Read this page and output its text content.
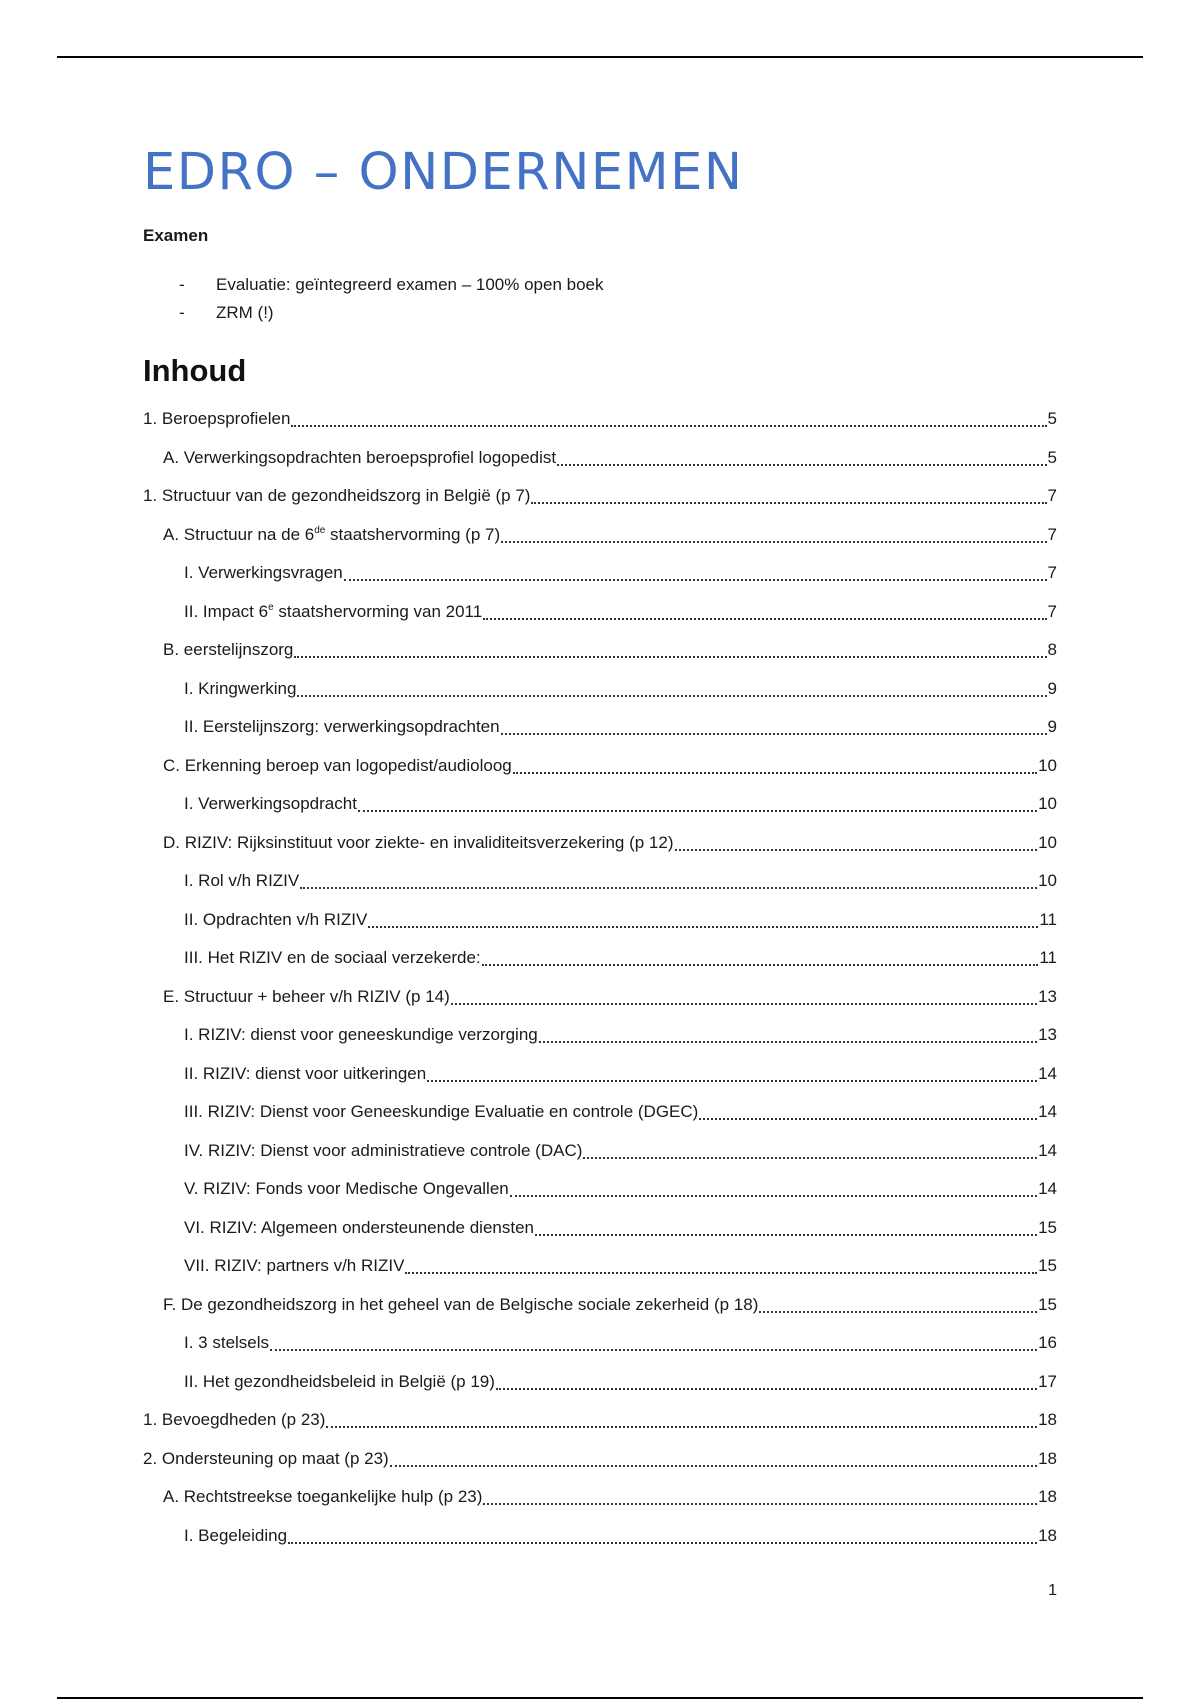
EDRO – ONDERNEMEN
Examen
- Evaluatie: geïntegreerd examen – 100% open boek
- ZRM (!)
Inhoud
1. Beroepsprofielen	5
A. Verwerkingsopdrachten beroepsprofiel logopedist	5
1. Structuur van de gezondheidszorg in België (p 7)	7
A. Structuur na de 6de staatshervorming (p 7)	7
I. Verwerkingsvragen	7
II. Impact 6e staatshervorming van 2011	7
B. eerstelijnszorg	8
I. Kringwerking	9
II. Eerstelijnszorg: verwerkingsopdrachten	9
C. Erkenning beroep van logopedist/audioloog	10
I. Verwerkingsopdracht	10
D. RIZIV: Rijksinstituut voor ziekte- en invaliditeitsverzekering (p 12)	10
I. Rol v/h RIZIV	10
II. Opdrachten v/h RIZIV	11
III. Het RIZIV en de sociaal verzekerde:	11
E. Structuur + beheer v/h RIZIV (p 14)	13
I. RIZIV: dienst voor geneeskundige verzorging	13
II. RIZIV: dienst voor uitkeringen	14
III. RIZIV: Dienst voor Geneeskundige Evaluatie en controle (DGEC)	14
IV. RIZIV: Dienst voor administratieve controle (DAC)	14
V. RIZIV: Fonds voor Medische Ongevallen	14
VI. RIZIV: Algemeen ondersteunende diensten	15
VII. RIZIV: partners v/h RIZIV	15
F. De gezondheidszorg in het geheel van de Belgische sociale zekerheid (p 18)	15
I. 3 stelsels	16
II. Het gezondheidsbeleid in België (p 19)	17
1. Bevoegdheden (p 23)	18
2. Ondersteuning op maat (p 23)	18
A. Rechtstreekse toegankelijke hulp (p 23)	18
I. Begeleiding	18
1
